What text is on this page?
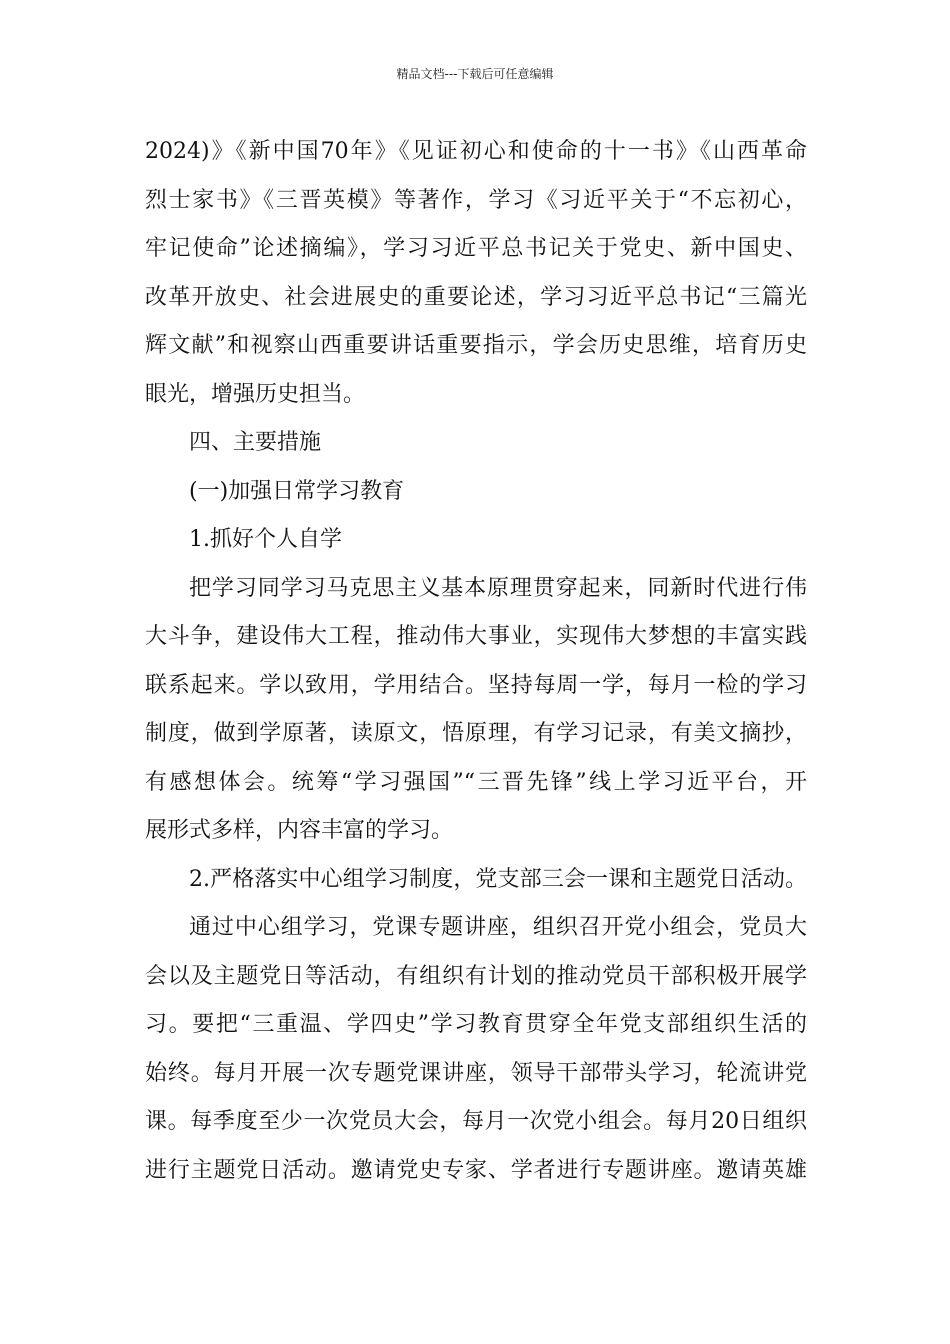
精品文档---下载后可任意编辑
2024)》《新中国70年》《见证初心和使命的十一书》《山西革命
烈士家书》《三晋英模》等著作，学习《习近平关于“不忘初心，
牢记使命”论述摘编》，学习习近平总书记关于党史、新中国史、
改革开放史、社会进展史的重要论述，学习习近平总书记“三篇光
辉文献”和视察山西重要讲话重要指示，学会历史思维，培育历史
眼光，增强历史担当。
四、主要措施
(一)加强日常学习教育
1.抓好个人自学
把学习同学习马克思主义基本原理贯穿起来，同新时代进行伟
大斗争，建设伟大工程，推动伟大事业，实现伟大梦想的丰富实践
联系起来。学以致用，学用结合。坚持每周一学，每月一检的学习
制度，做到学原著，读原文，悟原理，有学习记录，有美文摘抄，
有感想体会。统筹“学习强国”“三晋先锋”线上学习近平台，开
展形式多样，内容丰富的学习。
2.严格落实中心组学习制度，党支部三会一课和主题党日活动。
通过中心组学习，党课专题讲座，组织召开党小组会，党员大
会以及主题党日等活动，有组织有计划的推动党员干部积极开展学
习。要把“三重温、学四史”学习教育贯穿全年党支部组织生活的
始终。每月开展一次专题党课讲座，领导干部带头学习，轮流讲党
课。每季度至少一次党员大会，每月一次党小组会。每月20日组织
进行主题党日活动。邀请党史专家、学者进行专题讲座。邀请英雄
